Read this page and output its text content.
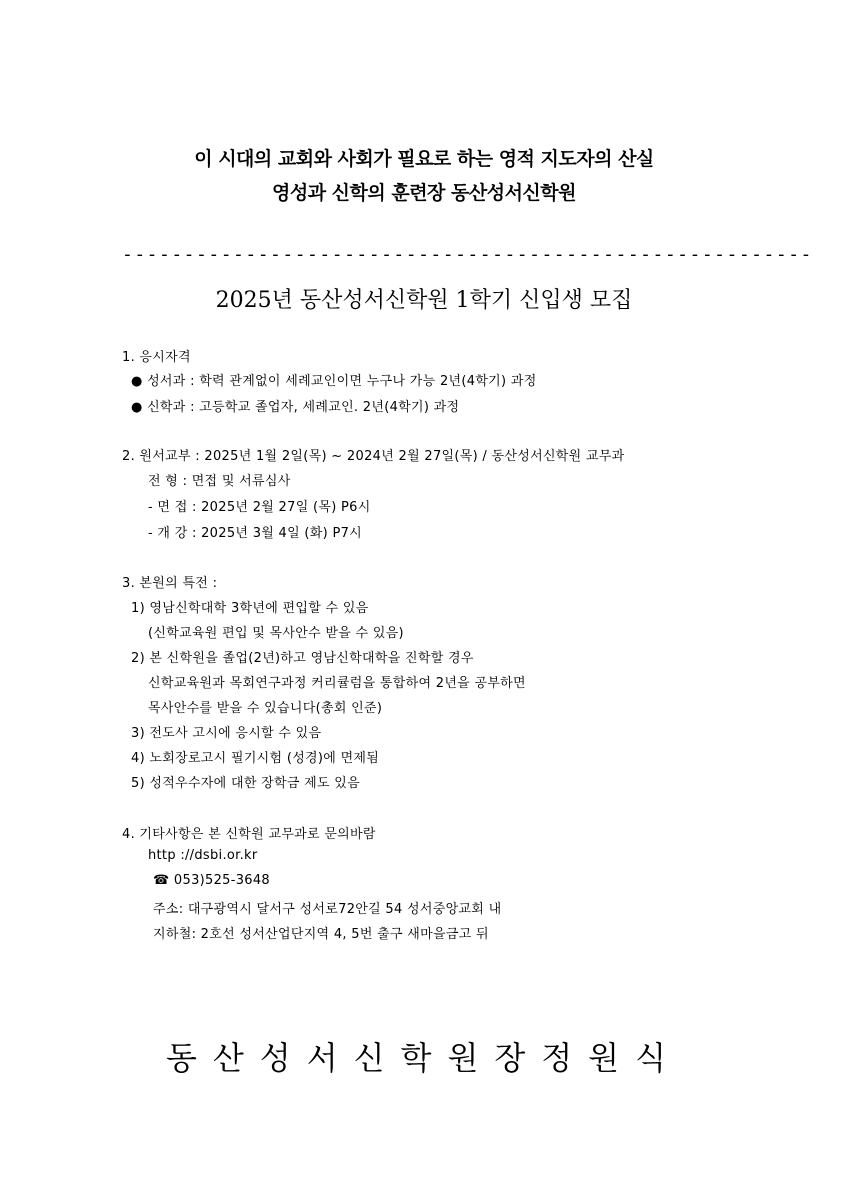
이 시대의 교회와 사회가 필요로 하는 영적 지도자의 산실
영성과 신학의 훈련장 동산성서신학원
--------------------------------------------------------
2025년 동산성서신학원 1학기 신입생 모집
1. 응시자격
● 성서과 : 학력 관계없이 세례교인이면 누구나 가능 2년(4학기) 과정
● 신학과 : 고등학교 졸업자, 세례교인. 2년(4학기) 과정
2. 원서교부 : 2025년 1월 2일(목) ~ 2024년 2월 27일(목) / 동산성서신학원 교무과
전 형 : 면접 및 서류심사
- 면 접 : 2025년 2월 27일 (목) P6시
- 개 강 : 2025년 3월 4일 (화) P7시
3. 본원의 특전 :
1) 영남신학대학 3학년에 편입할 수 있음
(신학교육원 편입 및 목사안수 받을 수 있음)
2) 본 신학원을 졸업(2년)하고 영남신학대학을 진학할 경우
신학교육원과 목회연구과정 커리큘럼을 통합하여 2년을 공부하면
목사안수를 받을 수 있습니다(총회 인준)
3) 전도사 고시에 응시할 수 있음
4) 노회장로고시 필기시험 (성경)에 면제됨
5) 성적우수자에 대한 장학금 제도 있음
4. 기타사항은 본 신학원 교무과로 문의바람
http ://dsbi.or.kr
☎ 053)525-3648
주소: 대구광역시 달서구 성서로72안길 54 성서중앙교회 내
지하철: 2호선 성서산업단지역 4, 5번 출구 새마을금고 뒤
동산성서신학원장정원식
